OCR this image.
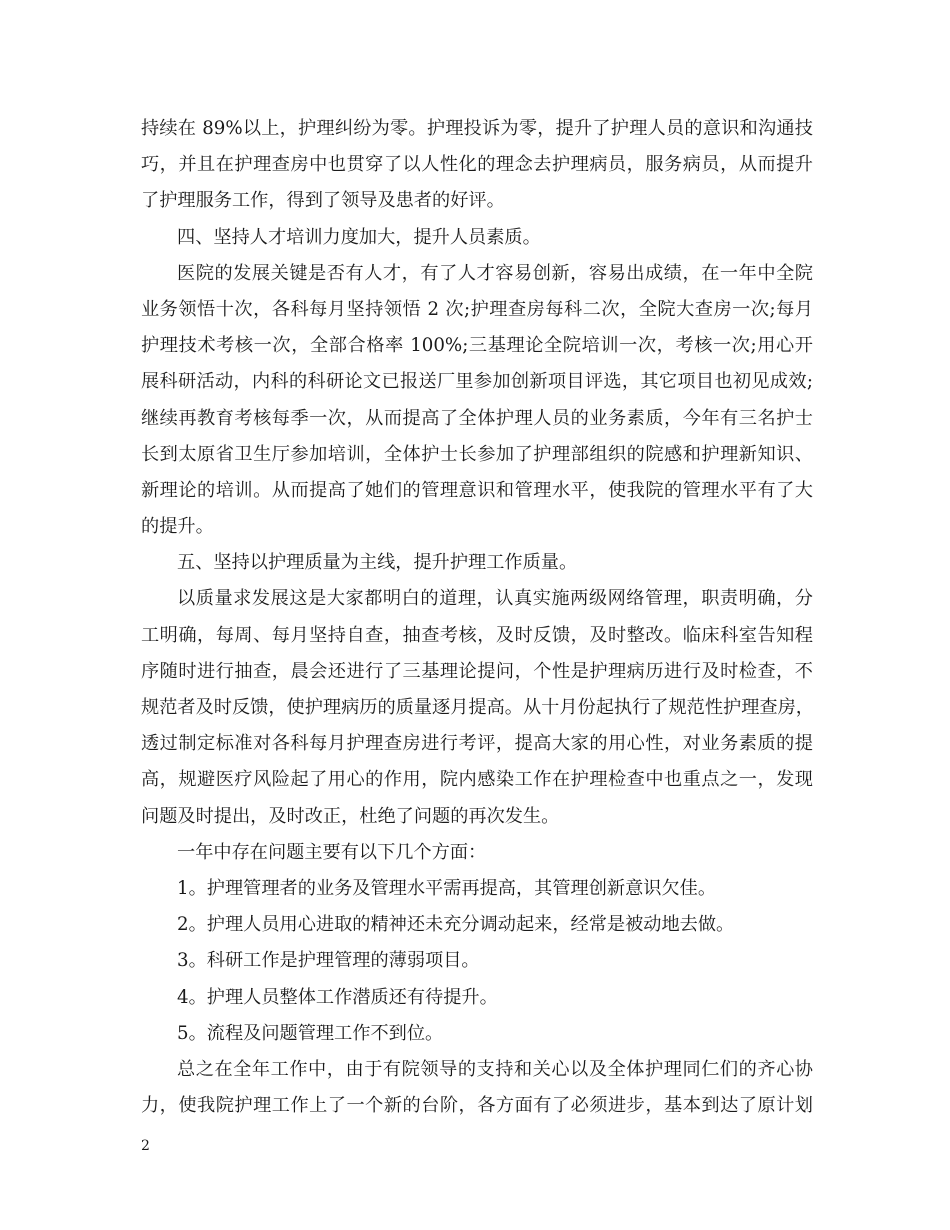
持续在 89%以上，护理纠纷为零。护理投诉为零，提升了护理人员的意识和沟通技
巧，并且在护理查房中也贯穿了以人性化的理念去护理病员，服务病员，从而提升
了护理服务工作，得到了领导及患者的好评。
四、坚持人才培训力度加大，提升人员素质。
医院的发展关键是否有人才，有了人才容易创新，容易出成绩，在一年中全院
业务领悟十次，各科每月坚持领悟 2 次;护理查房每科二次，全院大查房一次;每月
护理技术考核一次，全部合格率 100%;三基理论全院培训一次，考核一次;用心开
展科研活动，内科的科研论文已报送厂里参加创新项目评选，其它项目也初见成效;
继续再教育考核每季一次，从而提高了全体护理人员的业务素质，今年有三名护士
长到太原省卫生厅参加培训，全体护士长参加了护理部组织的院感和护理新知识、
新理论的培训。从而提高了她们的管理意识和管理水平，使我院的管理水平有了大
的提升。
五、坚持以护理质量为主线，提升护理工作质量。
以质量求发展这是大家都明白的道理，认真实施两级网络管理，职责明确，分
工明确，每周、每月坚持自查，抽查考核，及时反馈，及时整改。临床科室告知程
序随时进行抽查，晨会还进行了三基理论提问，个性是护理病历进行及时检查，不
规范者及时反馈，使护理病历的质量逐月提高。从十月份起执行了规范性护理查房，
透过制定标准对各科每月护理查房进行考评，提高大家的用心性，对业务素质的提
高，规避医疗风险起了用心的作用，院内感染工作在护理检查中也重点之一，发现
问题及时提出，及时改正，杜绝了问题的再次发生。
一年中存在问题主要有以下几个方面：
1。护理管理者的业务及管理水平需再提高，其管理创新意识欠佳。
2。护理人员用心进取的精神还未充分调动起来，经常是被动地去做。
3。科研工作是护理管理的薄弱项目。
4。护理人员整体工作潜质还有待提升。
5。流程及问题管理工作不到位。
总之在全年工作中，由于有院领导的支持和关心以及全体护理同仁们的齐心协
力，使我院护理工作上了一个新的台阶，各方面有了必须进步，基本到达了原计划
2
